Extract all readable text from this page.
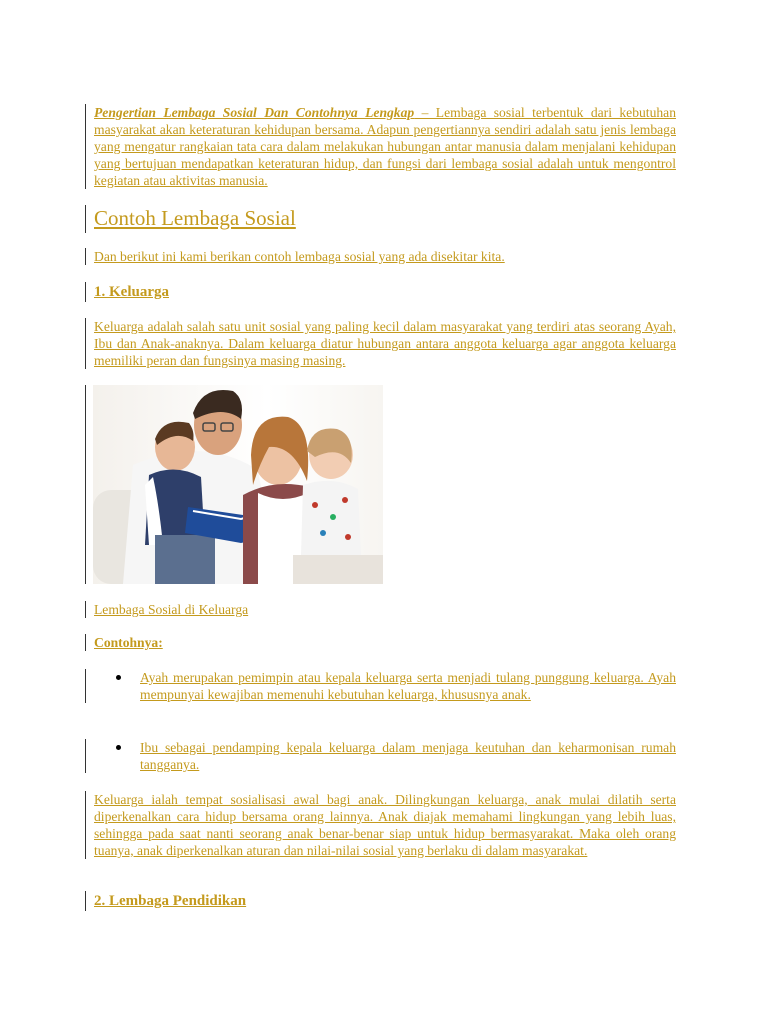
Pengertian Lembaga Sosial Dan Contohnya Lengkap – Lembaga sosial terbentuk dari kebutuhan masyarakat akan keteraturan kehidupan bersama. Adapun pengertiannya sendiri adalah satu jenis lembaga yang mengatur rangkaian tata cara dalam melakukan hubungan antar manusia dalam menjalani kehidupan yang bertujuan mendapatkan keteraturan hidup, dan fungsi dari lembaga sosial adalah untuk mengontrol kegiatan atau aktivitas manusia.

Contoh Lembaga Sosial

Dan berikut ini kami berikan contoh lembaga sosial yang ada disekitar kita.

1. Keluarga

Keluarga adalah salah satu unit sosial yang paling kecil dalam masyarakat yang terdiri atas seorang Ayah, Ibu dan Anak-anaknya. Dalam keluarga diatur hubungan antara anggota keluarga agar anggota keluarga memiliki peran dan fungsinya masing masing.

Lembaga Sosial di Keluarga

Contohnya:

Ayah merupakan pemimpin atau kepala keluarga serta menjadi tulang punggung keluarga. Ayah mempunyai kewajiban memenuhi kebutuhan keluarga, khususnya anak.
Ibu sebagai pendamping kepala keluarga dalam menjaga keutuhan dan keharmonisan rumah tangganya.

Keluarga ialah tempat sosialisasi awal bagi anak. Dilingkungan keluarga, anak mulai dilatih serta diperkenalkan cara hidup bersama orang lainnya. Anak diajak memahami lingkungan yang lebih luas, sehingga pada saat nanti seorang anak benar-benar siap untuk hidup bermasyarakat. Maka oleh orang tuanya, anak diperkenalkan aturan dan nilai-nilai sosial yang berlaku di dalam masyarakat.

2. Lembaga Pendidikan
